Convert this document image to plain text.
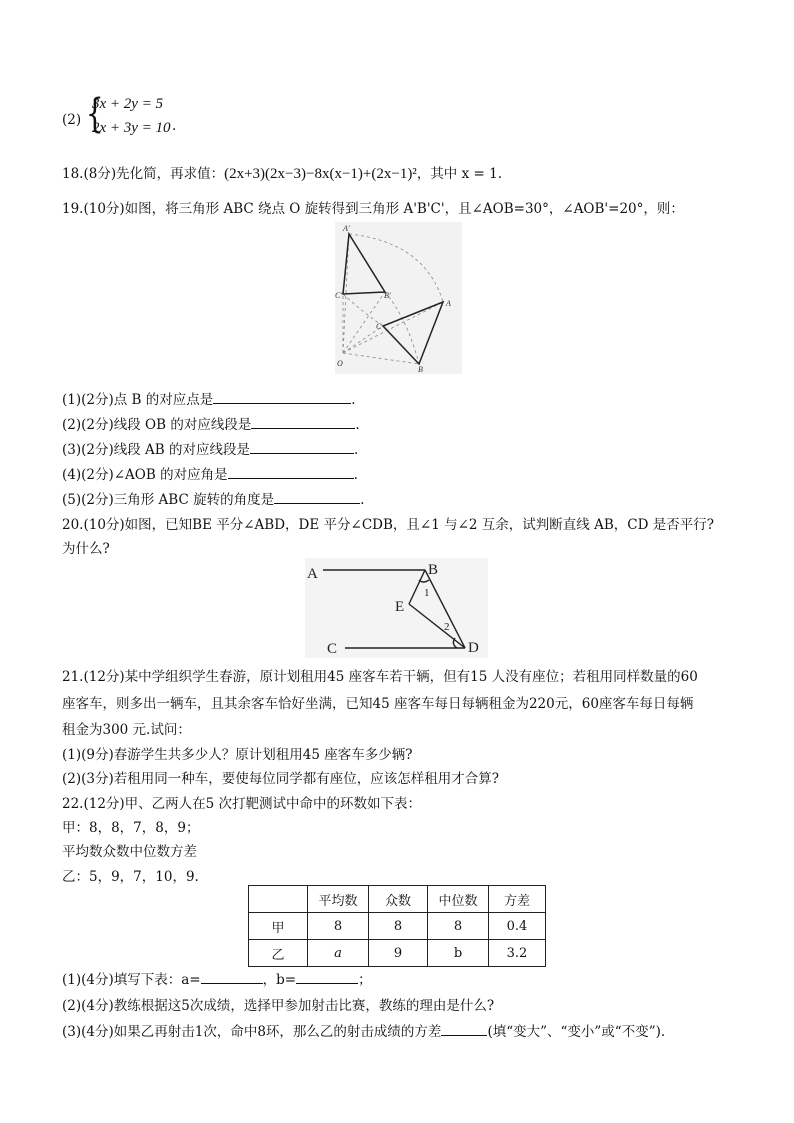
(2) {
3x + 2y = 5
2x + 3y = 10 .
18.(8分)先化简，再求值：(2x+3)(2x−3)−8x(x−1)+(2x−1)²，其中 x = 1.
19.(10分)如图，将三角形 ABC 绕点 O 旋转得到三角形 A'B'C'，且∠AOB=30°，∠AOB'=20°，则：
A'
C'	B'
A
C
O
B
(1)(2分)点 B 的对应点是	.
(2)(2分)线段 OB 的对应线段是	.
(3)(2分)线段 AB 的对应线段是	.
(4)(2分)∠AOB 的对应角是	.
(5)(2分)三角形 ABC 旋转的角度是	.
20.(10分)如图，已知BE 平分∠ABD，DE 平分∠CDB，且∠1 与∠2 互余，试判断直线 AB，CD 是否平行?
为什么?
A	B
E
1
2
C	D
21.(12分)某中学组织学生春游，原计划租用45 座客车若干辆，但有15 人没有座位；若租用同样数量的60
座客车，则多出一辆车，且其余客车恰好坐满，已知45 座客车每日每辆租金为220元，60座客车每日每辆
租金为300 元.试问：
(1)(9分)春游学生共多少人？原计划租用45 座客车多少辆?
(2)(3分)若租用同一种车，要使每位同学都有座位，应该怎样租用才合算?
22.(12分)甲、乙两人在5 次打靶测试中命中的环数如下表：
甲：8，8，7，8，9；
平均数众数中位数方差
乙：5，9，7，10，9.
	平均数	众数	中位数	方差
甲	8	8	8	0.4
乙	a	9	b	3.2
(1)(4分)填写下表：a=	，b=	；
(2)(4分)教练根据这5次成绩，选择甲参加射击比赛，教练的理由是什么?
(3)(4分)如果乙再射击1次，命中8环，那么乙的射击成绩的方差	(填“变大”、“变小”或“不变”).
